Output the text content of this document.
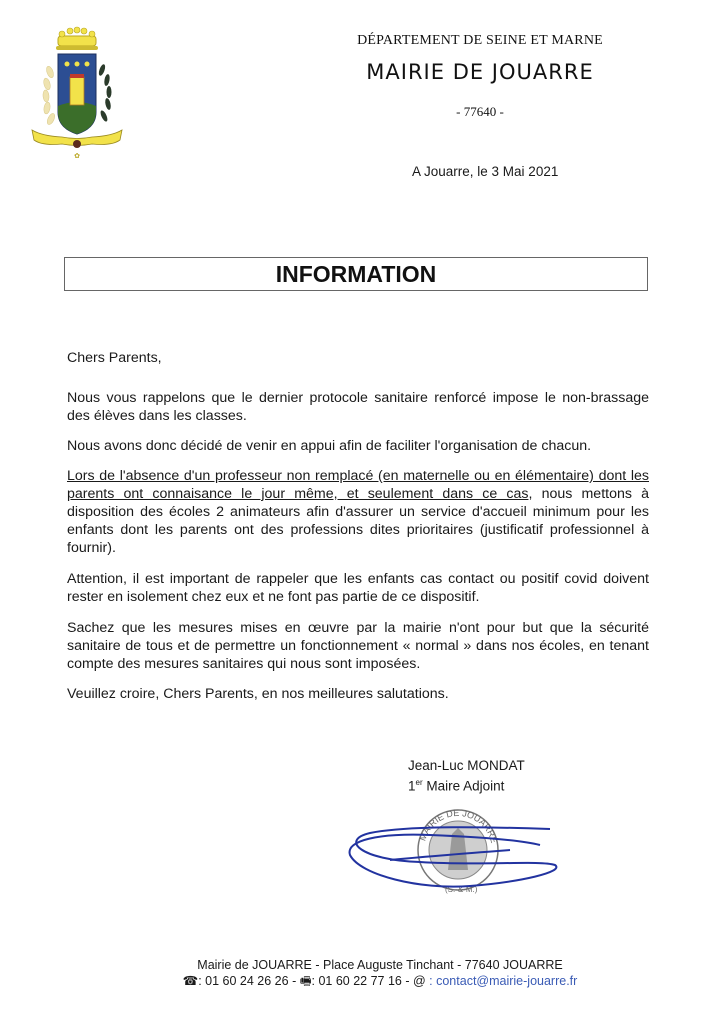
✿
DÉPARTEMENT DE SEINE ET MARNE
MAIRIE DE JOUARRE
- 77640 -
A Jouarre, le 3 Mai 2021
INFORMATION
Chers Parents,
Nous vous rappelons que le dernier protocole sanitaire renforcé impose le non-brassage des élèves dans les classes.
Nous avons donc décidé de venir en appui afin de faciliter l'organisation de chacun.
Lors de l'absence d'un professeur non remplacé (en maternelle ou en élémentaire) dont les parents ont connaisance le jour même, et seulement dans ce cas, nous mettons à disposition des écoles 2 animateurs afin d'assurer un service d'accueil minimum pour les enfants dont les parents ont des professions dites prioritaires (justificatif professionnel à fournir).
Attention, il est important de rappeler que les enfants cas contact ou positif covid doivent rester en isolement chez eux et ne font pas partie de ce dispositif.
Sachez que les mesures mises en œuvre par la mairie n'ont pour but que la sécurité sanitaire de tous et de permettre un fonctionnement « normal » dans nos écoles, en tenant compte des mesures sanitaires qui nous sont imposées.
Veuillez croire, Chers Parents, en nos meilleures salutations.
Jean-Luc MONDAT
1er Maire Adjoint
MAIRIE DE JOUARRE
(S.-&-M.)
Mairie de JOUARRE - Place Auguste Tinchant - 77640 JOUARRE
☎: 01 60 24 26 26 - 🖷: 01 60 22 77 16 - @ : contact@mairie-jouarre.fr
